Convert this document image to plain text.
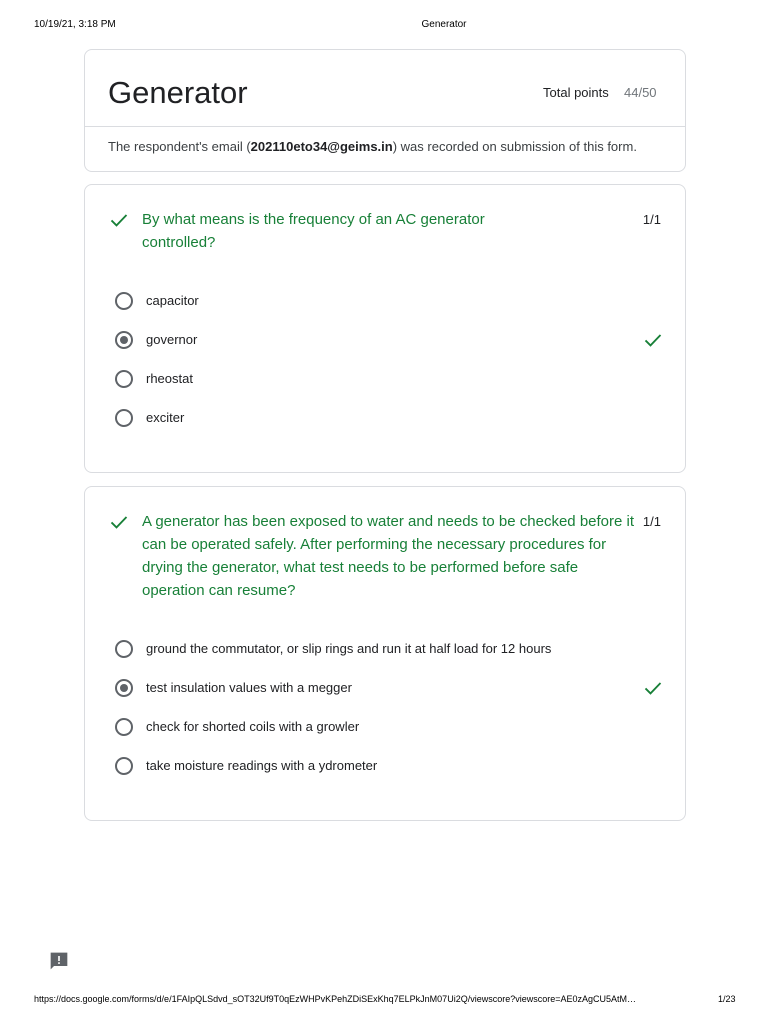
10/19/21, 3:18 PM	Generator
Generator	Total points 44/50
The respondent's email (202110eto34@geims.in) was recorded on submission of this form.
By what means is the frequency of an AC generator controlled?
1/1
capacitor
governor
rheostat
exciter
A generator has been exposed to water and needs to be checked before it can be operated safely. After performing the necessary procedures for drying the generator, what test needs to be performed before safe operation can resume?
1/1
ground the commutator, or slip rings and run it at half load for 12 hours
test insulation values with a megger
check for shorted coils with a growler
take moisture readings with a ydrometer
https://docs.google.com/forms/d/e/1FAIpQLSdvd_sOT32Uf9T0qEzWHPvKPehZDiSExKhq7ELPkJnM07Ui2Q/viewscore?viewscore=AE0zAgCU5AtM…	1/23
